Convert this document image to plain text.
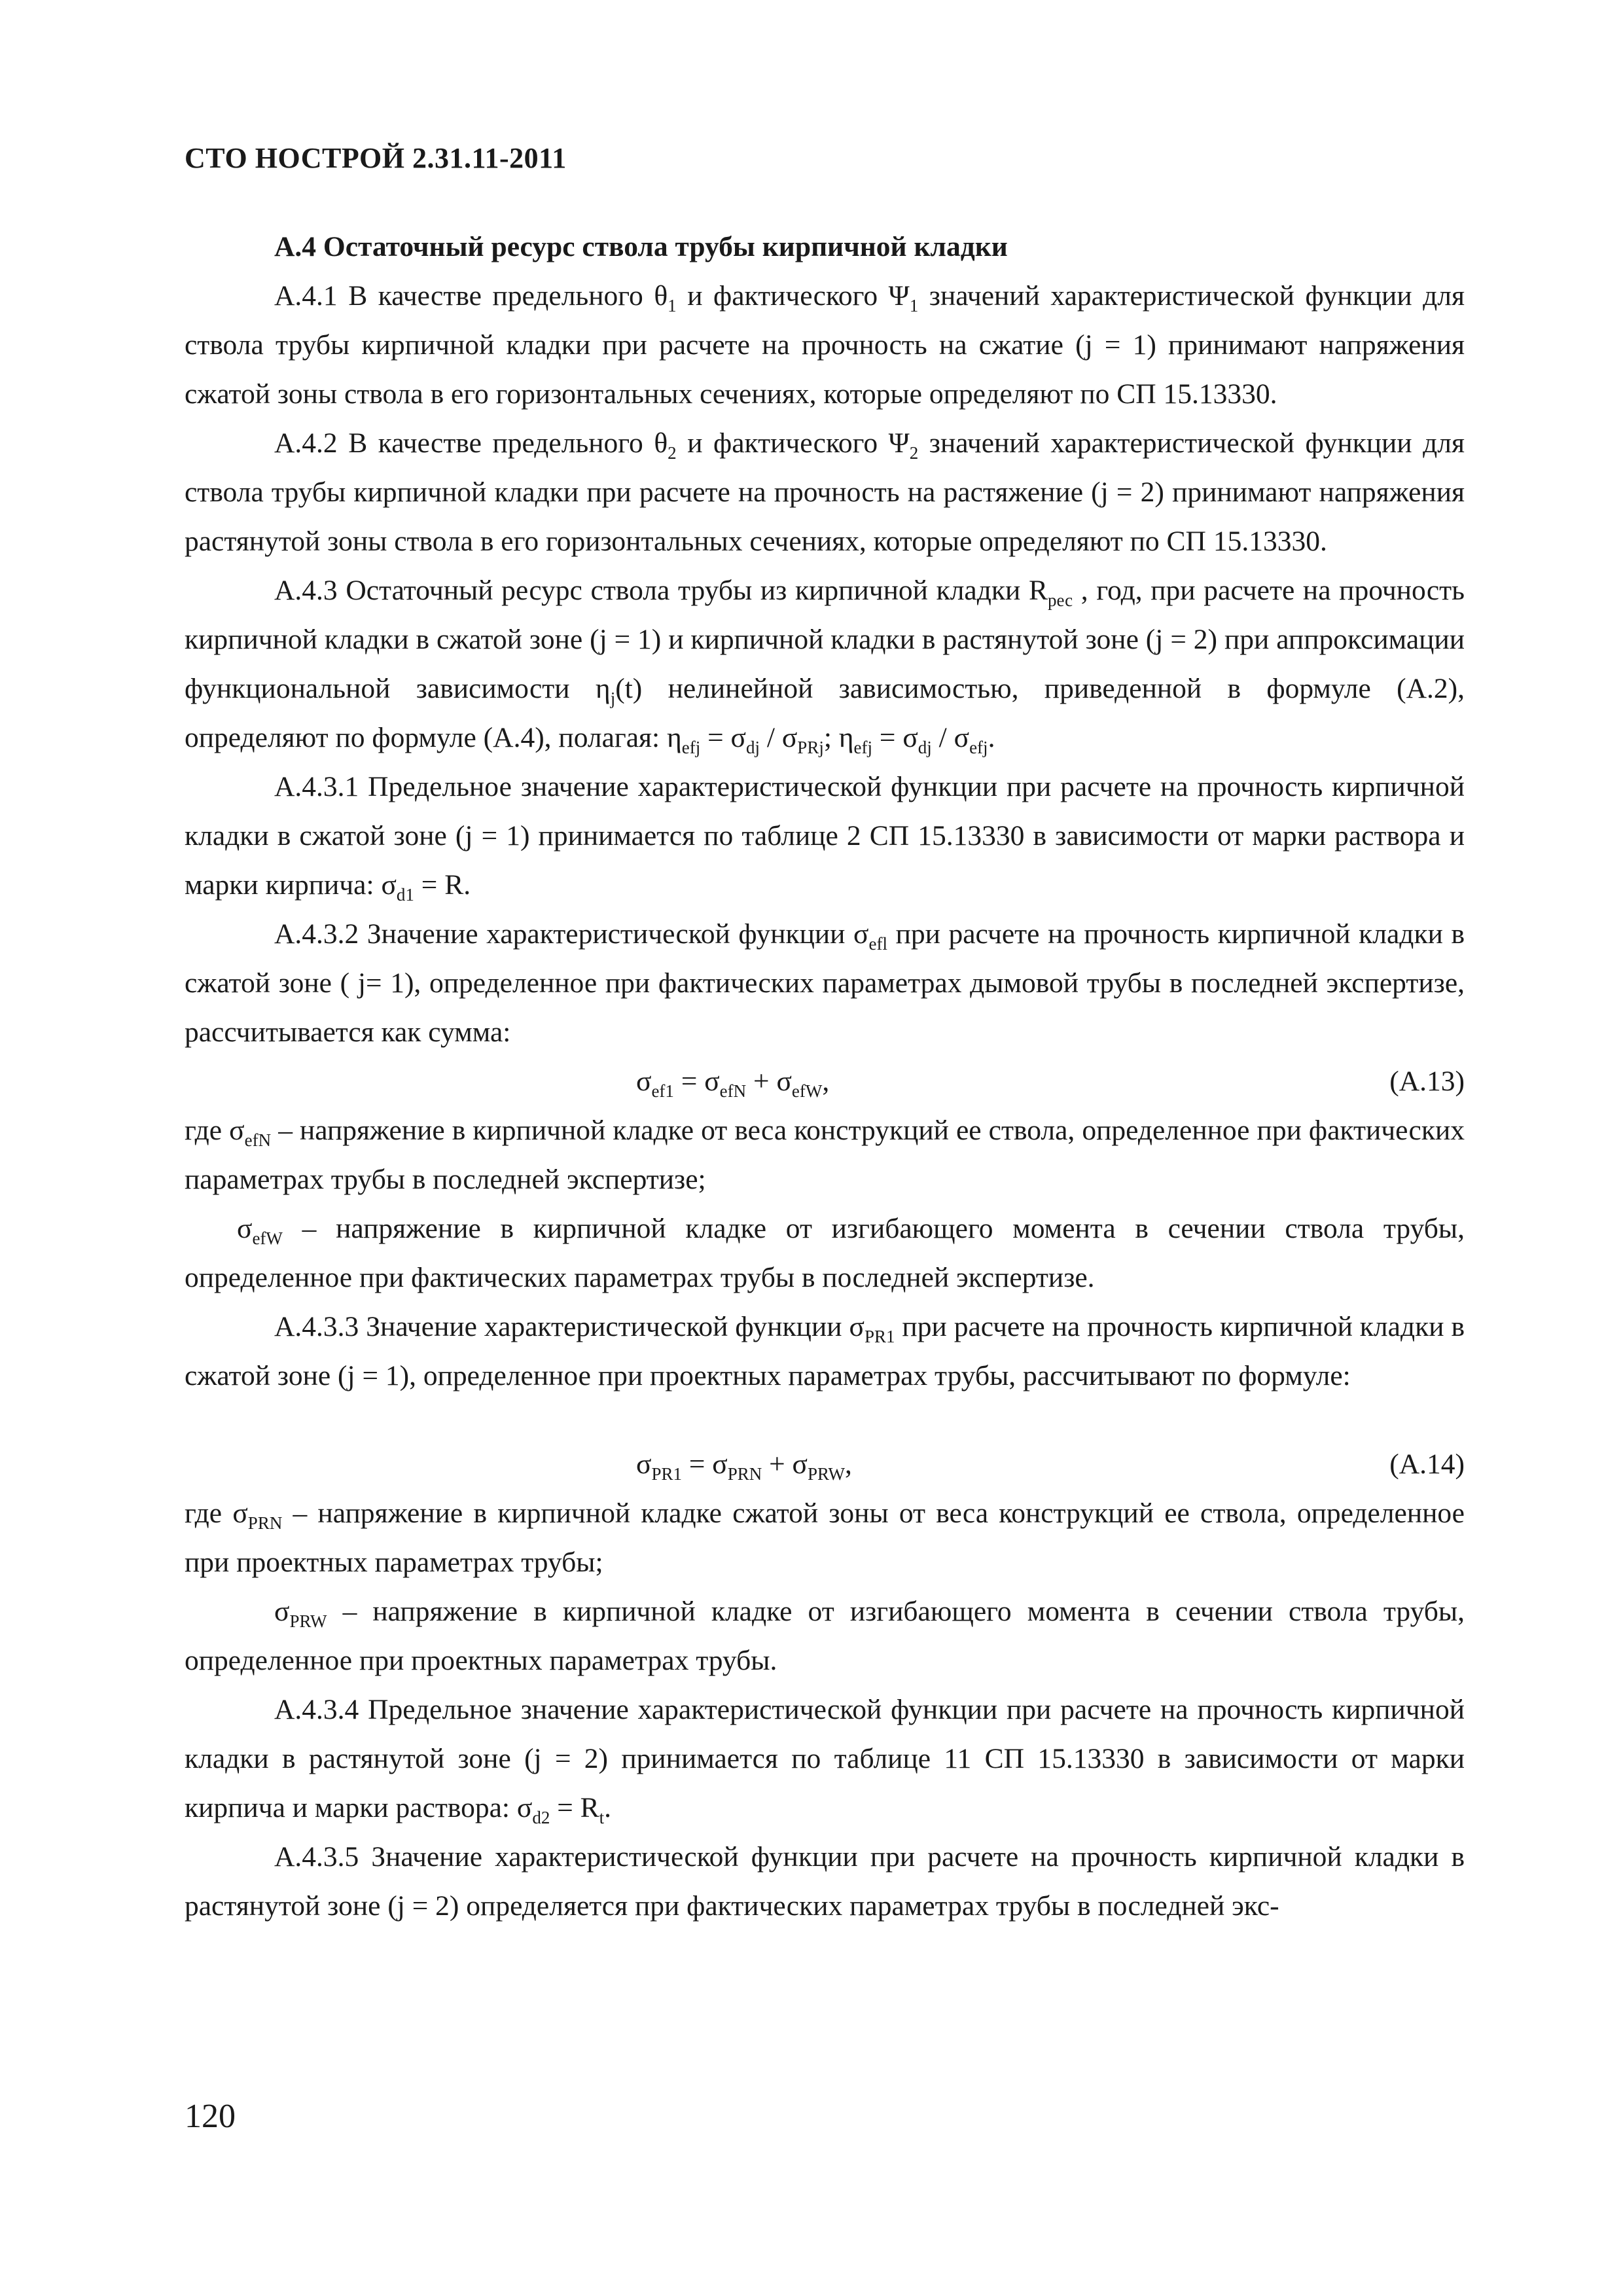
СТО НОСТРОЙ 2.31.11-2011

А.4 Остаточный ресурс ствола трубы кирпичной кладки

А.4.1 В качестве предельного $\theta_1$ и фактического $\Psi_1$ значений характеристической функции для ствола трубы кирпичной кладки при расчете на прочность на сжатие (j = 1) принимают напряжения сжатой зоны ствола в его горизонтальных сечениях, которые определяют по СП 15.13330.

А.4.2 В качестве предельного $\theta_2$ и фактического $\Psi_2$ значений характеристической функции для ствола трубы кирпичной кладки при расчете на прочность на растяжение (j = 2) принимают напряжения растянутой зоны ствола в его горизонтальных сечениях, которые определяют по СП 15.13330.

А.4.3 Остаточный ресурс ствола трубы из кирпичной кладки $R_{рес}$ , год, при расчете на прочность кирпичной кладки в сжатой зоне (j = 1) и кирпичной кладки в растянутой зоне (j = 2) при аппроксимации функциональной зависимости $\eta_j(t)$ нелинейной зависимостью, приведенной в формуле (А.2), определяют по формуле (А.4), полагая: $\eta_{efj} = \sigma_{dj} / \sigma_{PRj}$; $\eta_{efj} = \sigma_{dj} / \sigma_{efj}$.

А.4.3.1 Предельное значение характеристической функции при расчете на прочность кирпичной кладки в сжатой зоне (j = 1) принимается по таблице 2 СП 15.13330 в зависимости от марки раствора и марки кирпича: $\sigma_{d1} = R$.

А.4.3.2 Значение характеристической функции $\sigma_{efl}$ при расчете на прочность кирпичной кладки в сжатой зоне ( j= 1), определенное при фактических параметрах дымовой трубы в последней экспертизе, рассчитывается как сумма:

$\sigma_{ef1} = \sigma_{efN} + \sigma_{efW}$,	(А.13)

где $\sigma_{efN}$ – напряжение в кирпичной кладке от веса конструкций ее ствола, определенное при фактических параметрах трубы в последней экспертизе;

$\sigma_{efW}$ – напряжение в кирпичной кладке от изгибающего момента в сечении ствола трубы, определенное при фактических параметрах трубы в последней экспертизе.

А.4.3.3 Значение характеристической функции $\sigma_{PR1}$ при расчете на прочность кирпичной кладки в сжатой зоне (j = 1), определенное при проектных параметрах трубы, рассчитывают по формуле:

$\sigma_{PR1} = \sigma_{PRN} + \sigma_{PRW}$,	(А.14)

где $\sigma_{PRN}$ – напряжение в кирпичной кладке сжатой зоны от веса конструкций ее ствола, определенное при проектных параметрах трубы;

$\sigma_{PRW}$ – напряжение в кирпичной кладке от изгибающего момента в сечении ствола трубы, определенное при проектных параметрах трубы.

А.4.3.4 Предельное значение характеристической функции при расчете на прочность кирпичной кладки в растянутой зоне (j = 2) принимается по таблице 11 СП 15.13330 в зависимости от марки кирпича и марки раствора: $\sigma_{d2} = R_t$.

А.4.3.5 Значение характеристической функции при расчете на прочность кирпичной кладки в растянутой зоне (j = 2) определяется при фактических параметрах трубы в последней экс-

120
